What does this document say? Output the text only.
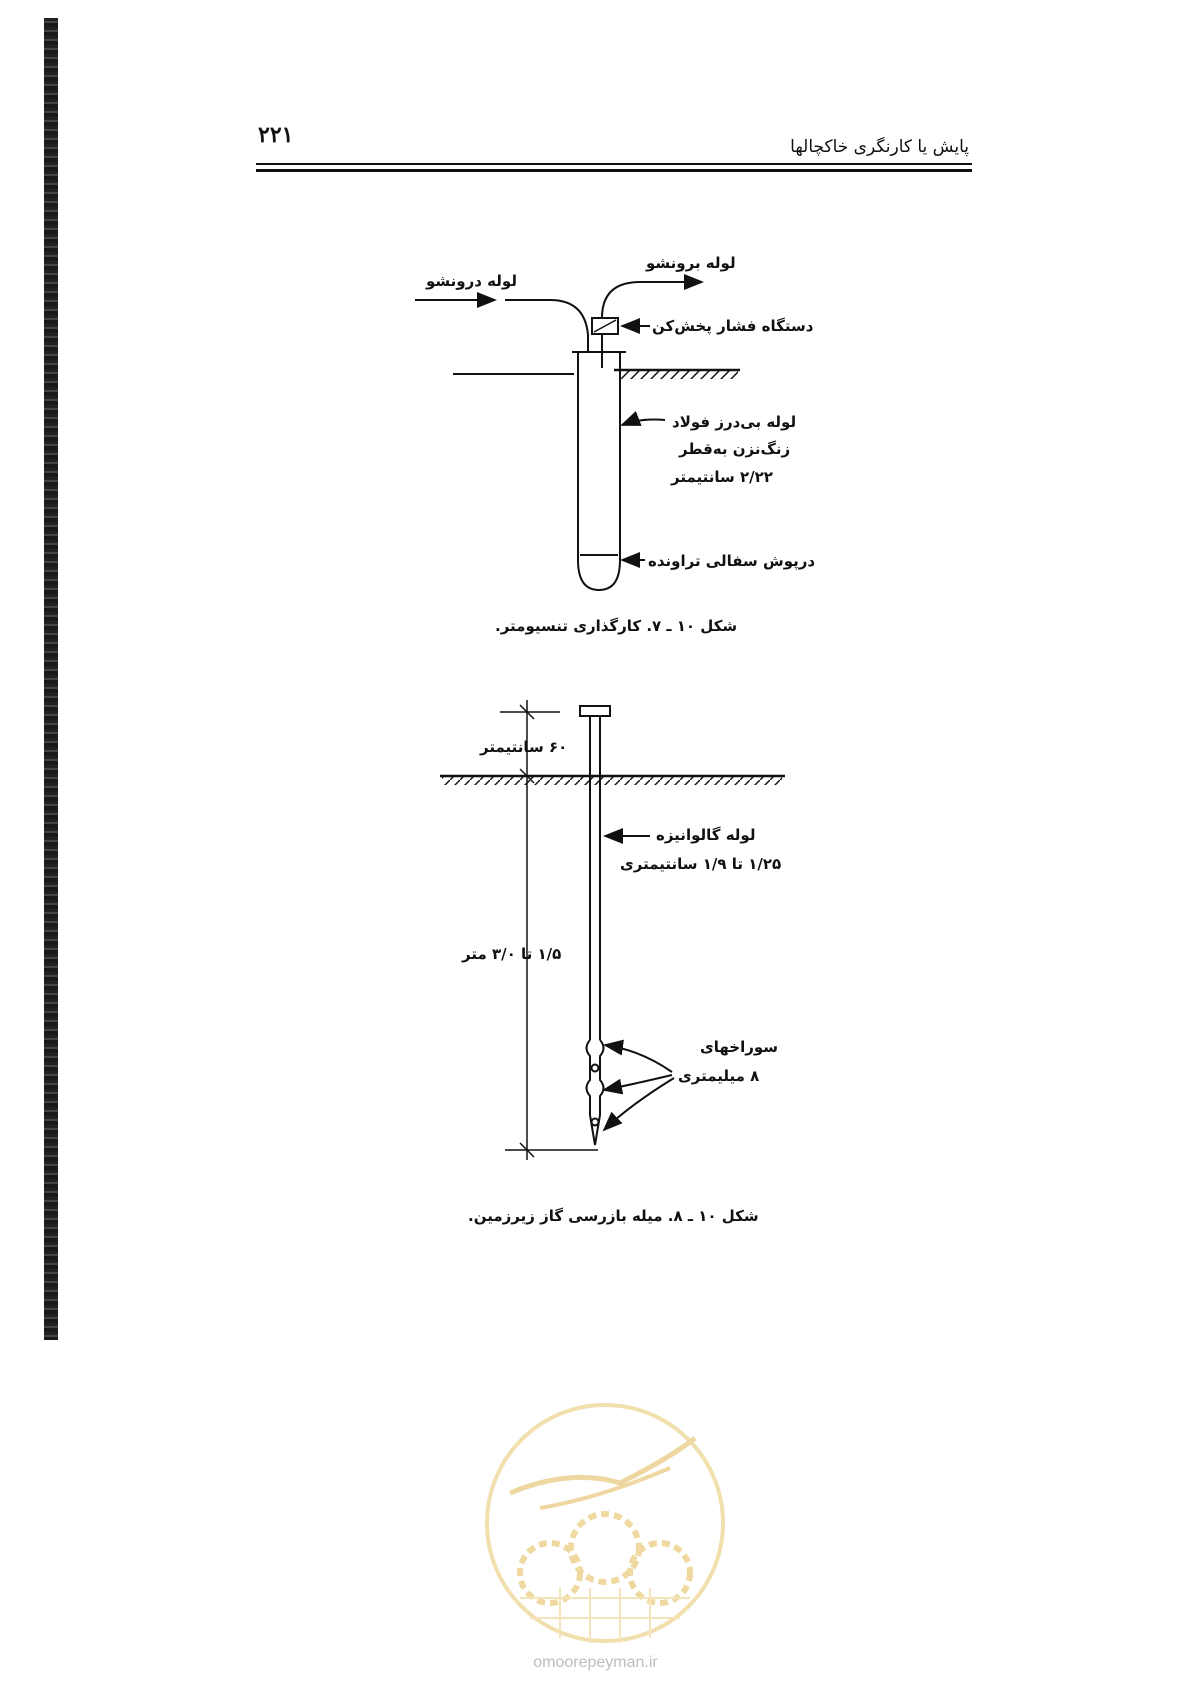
۲۲۱	پایش یا کارنگری خاکچالها
لوله درونشو
لوله برونشو
دستگاه فشار پخش‌کن
لوله بی‌درز فولاد
زنگ‌نزن به‌قطر
۲/۲۲ سانتیمتر
درپوش سفالی تراونده
شکل ۱۰ ـ ۷. کارگذاری تنسیومتر.
۶۰ سانتیمتر
لوله گالوانیزه
۱/۲۵ تا ۱/۹ سانتیمتری
۱/۵ تا ۳/۰ متر
سوراخهای
۸ میلیمتری
شکل ۱۰ ـ ۸. میله بازرسی گاز زیرزمین.
omoorepeyman.ir
